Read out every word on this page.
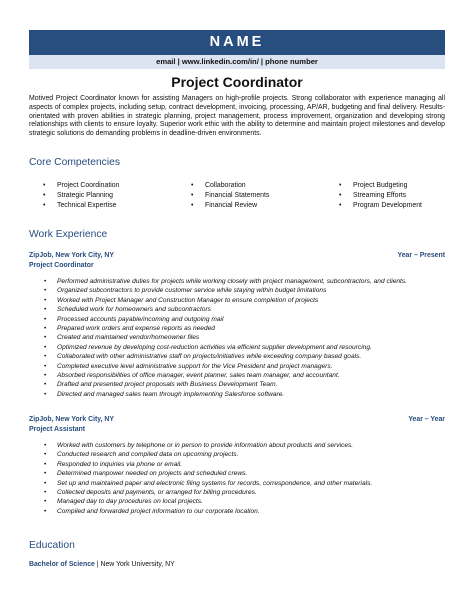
NAME
email | www.linkedin.com/in/ | phone number
Project Coordinator
Motived Project Coordinator known for assisting Managers on high-profile projects. Strong collaborator with experience managing all aspects of complex projects, including setup, contract development, invoicing, processing, AP/AR, budgeting and final delivery. Results-orientated with proven abilities in strategic planning, project management, process improvement, organization and developing strong relationships with clients to ensure loyalty. Superior work ethic with the ability to determine and maintain project milestones and develop strategic solutions do demanding problems in deadline-driven environments.
Core Competencies
• Project Coordination
• Strategic Planning
• Technical Expertise
• Collaboration
• Financial Statements
• Financial Review
• Project Budgeting
• Streaming Efforts
• Program Development
Work Experience
ZipJob, New York City, NY	Year – Present
Project Coordinator
• Performed administrative duties for projects while working closely with project management, subcontractors, and clients.
• Organized subcontractors to provide customer service while staying within budget limitations
• Worked with Project Manager and Construction Manager to ensure completion of projects
• Scheduled work for homeowners and subcontractors
• Processed accounts payable/incoming and outgoing mail
• Prepared work orders and expense reports as needed
• Created and maintained vendor/homeowner files
• Optimized revenue by developing cost-reduction activities via efficient supplier development and resourcing.
• Collaborated with other administrative staff on projects/initiatives while exceeding company based goals.
• Completed executive level administrative support for the Vice President and project managers.
• Absorbed responsibilities of office manager, event planner, sales team manager, and accountant.
• Drafted and presented project proposals with Business Development Team.
• Directed and managed sales team through implementing Salesforce software.
ZipJob, New York City, NY	Year – Year
Project Assistant
• Worked with customers by telephone or in person to provide information about products and services.
• Conducted research and compiled data on upcoming projects.
• Responded to inquiries via phone or email.
• Determined manpower needed on projects and scheduled crews.
• Set up and maintained paper and electronic filing systems for records, correspondence, and other materials.
• Collected deposits and payments, or arranged for billing procedures.
• Managed day to day procedures on local projects.
• Compiled and forwarded project information to our corporate location.
Education
Bachelor of Science | New York University, NY
